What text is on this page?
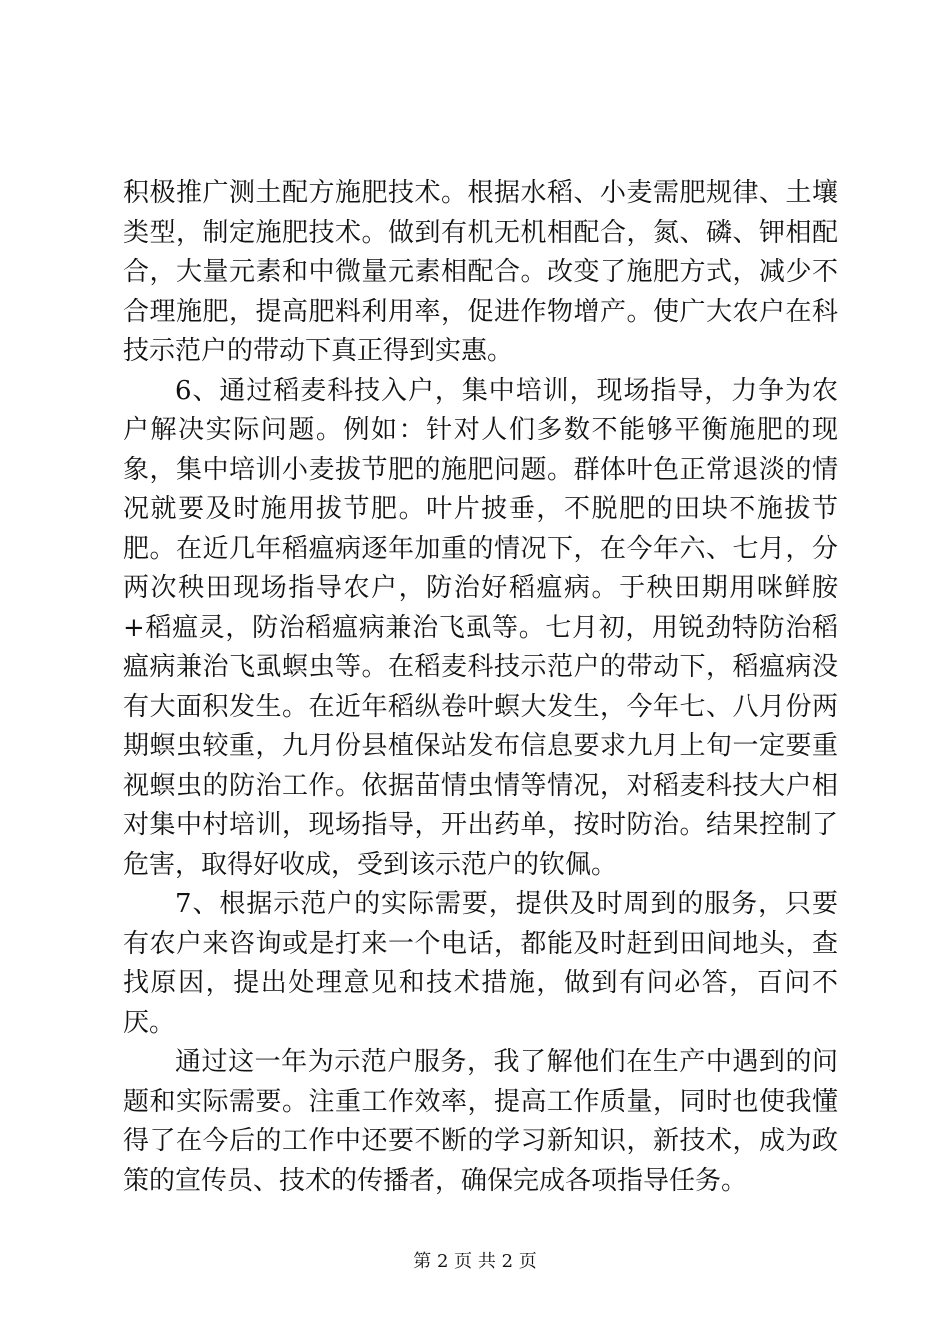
积极推广测土配方施肥技术。根据水稻、小麦需肥规律、土壤类型，制定施肥技术。做到有机无机相配合，氮、磷、钾相配合，大量元素和中微量元素相配合。改变了施肥方式，减少不合理施肥，提高肥料利用率，促进作物增产。使广大农户在科技示范户的带动下真正得到实惠。

6、通过稻麦科技入户，集中培训，现场指导，力争为农户解决实际问题。例如：针对人们多数不能够平衡施肥的现象，集中培训小麦拔节肥的施肥问题。群体叶色正常退淡的情况就要及时施用拔节肥。叶片披垂，不脱肥的田块不施拔节肥。在近几年稻瘟病逐年加重的情况下，在今年六、七月，分两次秧田现场指导农户，防治好稻瘟病。于秧田期用咪鲜胺+稻瘟灵，防治稻瘟病兼治飞虱等。七月初，用锐劲特防治稻瘟病兼治飞虱螟虫等。在稻麦科技示范户的带动下，稻瘟病没有大面积发生。在近年稻纵卷叶螟大发生，今年七、八月份两期螟虫较重，九月份县植保站发布信息要求九月上旬一定要重视螟虫的防治工作。依据苗情虫情等情况，对稻麦科技大户相对集中村培训，现场指导，开出药单，按时防治。结果控制了危害，取得好收成，受到该示范户的钦佩。

7、根据示范户的实际需要，提供及时周到的服务，只要有农户来咨询或是打来一个电话，都能及时赶到田间地头，查找原因，提出处理意见和技术措施，做到有问必答，百问不厌。

通过这一年为示范户服务，我了解他们在生产中遇到的问题和实际需要。注重工作效率，提高工作质量，同时也使我懂得了在今后的工作中还要不断的学习新知识，新技术，成为政策的宣传员、技术的传播者，确保完成各项指导任务。

第 2 页 共 2 页
